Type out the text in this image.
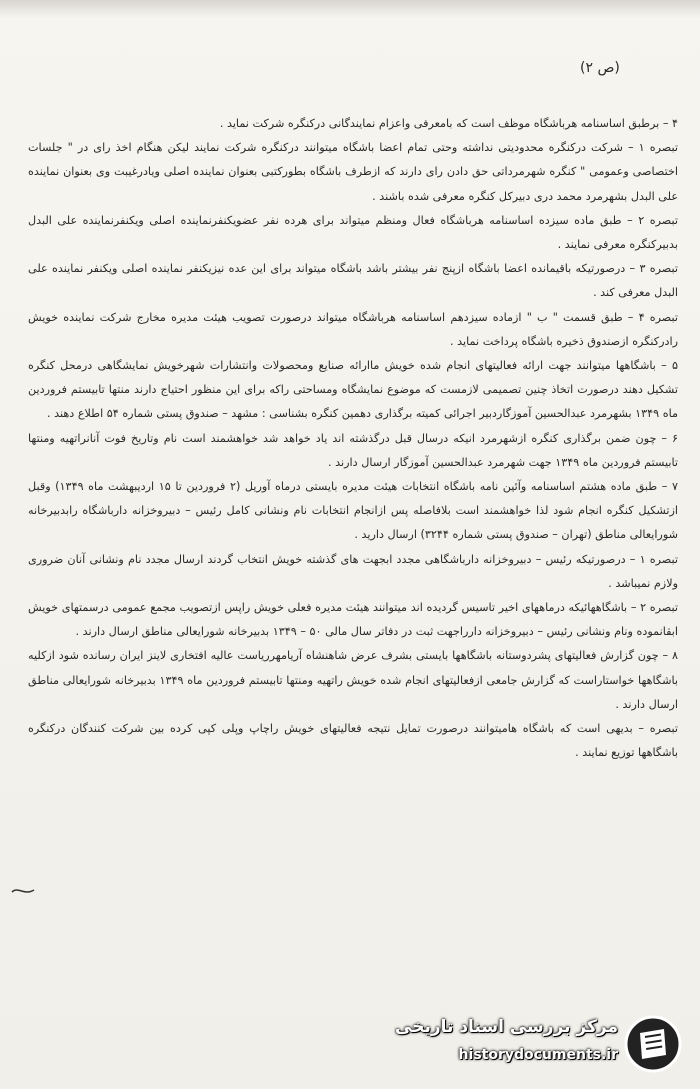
(ص ۲)

۴ – برطبق اساسنامه هرباشگاه موظف است که بامعرفی واعزام نمایندگانی درکنگره شرکت نماید .

تبصره ۱ – شرکت درکنگره محدودیتی نداشته وحتی تمام اعضا باشگاه میتوانند درکنگره شرکت نمایند لیکن هنگام اخذ رای در " جلسات اختصاصی وعمومی " کنگره شهرمرداتی حق دادن رای دارند که ازطرف باشگاه بطورکتبی بعنوان نماینده اصلی ویادرغیبت وی بعنوان نماینده علی البدل بشهرمرد محمد دری دبیرکل کنگره معرفی شده باشند .

تبصره ۲ – طبق ماده سیزده اساسنامه هرباشگاه فعال ومنظم میتواند برای هرده نفر عضویکنفرنماینده اصلی ویکنفرنماینده علی البدل بدبیرکنگره معرفی نمایند .

تبصره ۳ – درصورتیکه باقیمانده اعضا باشگاه ازپنج نفر بیشتر باشد باشگاه میتواند برای این عده نیزیکنفر نماینده اصلی ویکنفر نماینده علی البدل معرفی کند .

تبصره ۴ – طبق قسمت " ب " ازماده سیزدهم اساسنامه هرباشگاه میتواند درصورت تصویب هیئت مدیره مخارج شرکت نماینده خویش رادرکنگره ازصندوق ذخیره باشگاه پرداخت نماید .

۵ – باشگاهها میتوانند جهت ارائه فعالیتهای انجام شده خویش ماارائه صنایع ومحصولات وانتشارات شهرخویش نمایشگاهی درمحل کنگره تشکیل دهند درصورت اتخاذ چنین تصمیمی لازمست که موضوع نمایشگاه ومساحتی راکه برای این منظور احتیاج دارند منتها تابیستم فروردین ماه ۱۳۴۹ بشهرمرد عبدالحسین آموزگاردبیر اجرائی کمیته برگذاری دهمین کنگره بشناسی : مشهد – صندوق پستی شماره ۵۴ اطلاع دهند .

۶ – چون ضمن برگذاری کنگره ازشهرمرد انیکه درسال قبل درگذشته اند یاد خواهد شد خواهشمند است نام وتاریخ فوت آنانراتهیه ومنتها تابیستم فروردین ماه ۱۳۴۹ جهت شهرمرد عبدالحسین آموزگار ارسال دارند .

۷ – طبق ماده هشتم اساسنامه وآئین نامه باشگاه انتخابات هیئت مدیره بایستی درماه آوریل (۲ فروردین تا ۱۵ اردیبهشت ماه ۱۳۴۹) وقبل ازتشکیل کنگره انجام شود لذا خواهشمند است بلافاصله پس ازانجام انتخابات نام ونشانی کامل رئیس – دبیروخزانه دارباشگاه رابدبیرخانه شورایعالی مناطق (تهران – صندوق پستی شماره ۳۲۴۴) ارسال دارید .

تبصره ۱ – درصورتیکه رئیس – دبیروخزانه دارباشگاهی مجدد ابجهت های گذشته خویش انتخاب گردند ارسال مجدد نام ونشانی آنان ضروری ولازم نمیباشد .

تبصره ۲ – باشگاههائیکه درماههای اخیر تاسیس گردیده اند میتوانند هیئت مدیره فعلی خویش راپس ازتصویب مجمع عمومی درسمتهای خویش ابقانموده ونام ونشانی رئیس – دبیروخزانه دارراجهت ثبت در دفاتر سال مالی ۵۰ – ۱۳۴۹ بدبیرخانه شورایعالی مناطق ارسال دارند .

۸ – چون گزارش فعالیتهای پشردوستانه باشگاهها بایستی بشرف عرض شاهنشاه آریامهرریاست عالیه افتخاری لاینز ایران رسانده شود ازکلیه باشگاهها خواستاراست که گزارش جامعی ازفعالیتهای انجام شده خویش راتهیه ومنتها تابیستم فروردین ماه ۱۳۴۹ بدبیرخانه شورایعالی مناطق ارسال دارند .

تبصره – بدیهی است که باشگاه هامیتوانند درصورت تمایل نتیجه فعالیتهای خویش راچاپ وپلی کپی کرده بین شرکت کنندگان درکنگره باشگاهها توزیع نمایند .

مرکز بررسی اسناد تاریخی
historydocuments.ir
